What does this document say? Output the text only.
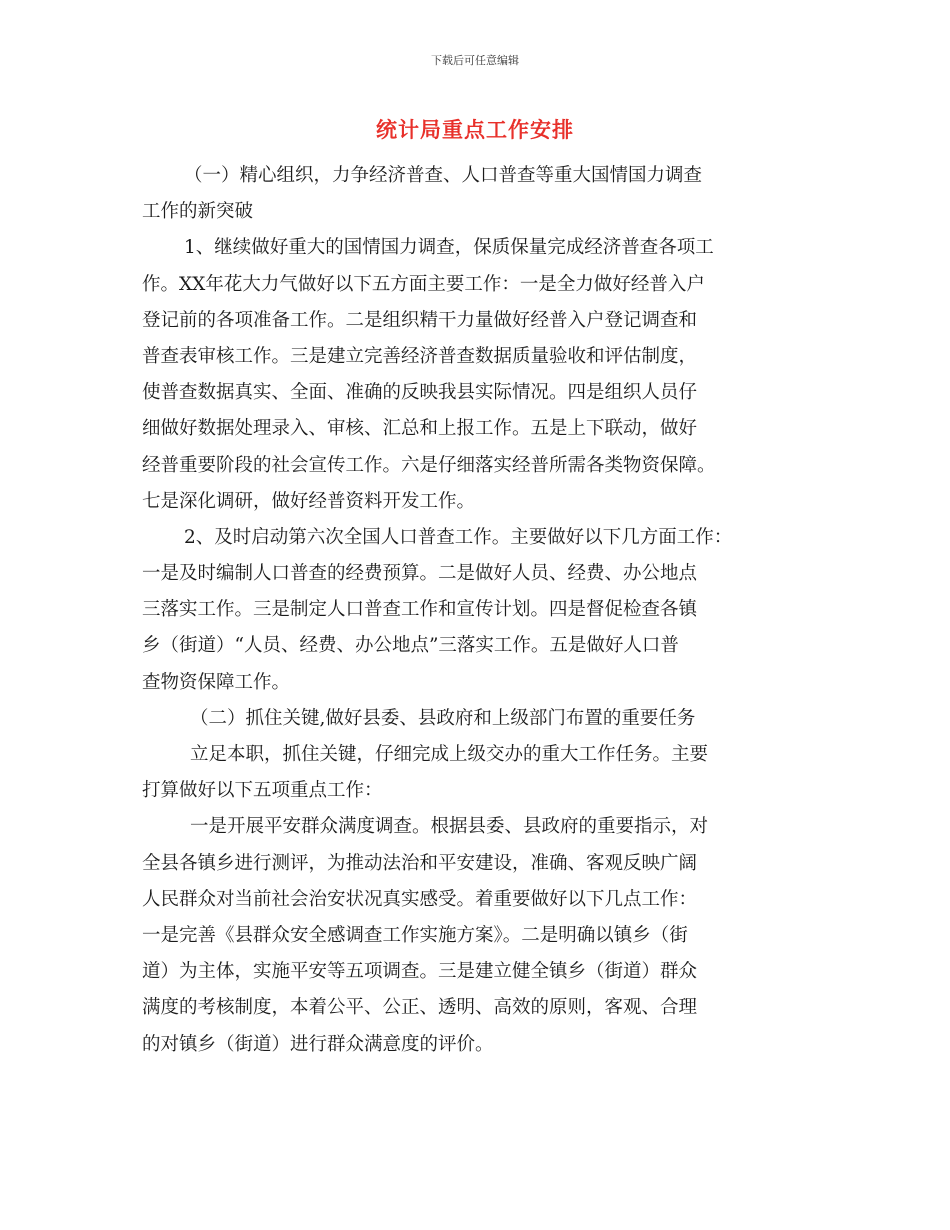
下载后可任意编辑
统计局重点工作安排
（一）精心组织，力争经济普查、人口普查等重大国情国力调查
工作的新突破
1、继续做好重大的国情国力调查，保质保量完成经济普查各项工
作。XX年花大力气做好以下五方面主要工作：一是全力做好经普入户
登记前的各项准备工作。二是组织精干力量做好经普入户登记调查和
普查表审核工作。三是建立完善经济普查数据质量验收和评估制度，
使普查数据真实、全面、准确的反映我县实际情况。四是组织人员仔
细做好数据处理录入、审核、汇总和上报工作。五是上下联动，做好
经普重要阶段的社会宣传工作。六是仔细落实经普所需各类物资保障。
七是深化调研，做好经普资料开发工作。
2、及时启动第六次全国人口普查工作。主要做好以下几方面工作：
一是及时编制人口普查的经费预算。二是做好人员、经费、办公地点
三落实工作。三是制定人口普查工作和宣传计划。四是督促检查各镇
乡（街道）“人员、经费、办公地点”三落实工作。五是做好人口普
查物资保障工作。
（二）抓住关键,做好县委、县政府和上级部门布置的重要任务
立足本职，抓住关键，仔细完成上级交办的重大工作任务。主要
打算做好以下五项重点工作：
一是开展平安群众满度调查。根据县委、县政府的重要指示，对
全县各镇乡进行测评，为推动法治和平安建设，准确、客观反映广阔
人民群众对当前社会治安状况真实感受。着重要做好以下几点工作：
一是完善《县群众安全感调查工作实施方案》。二是明确以镇乡（街
道）为主体，实施平安等五项调查。三是建立健全镇乡（街道）群众
满度的考核制度，本着公平、公正、透明、高效的原则，客观、合理
的对镇乡（街道）进行群众满意度的评价。
